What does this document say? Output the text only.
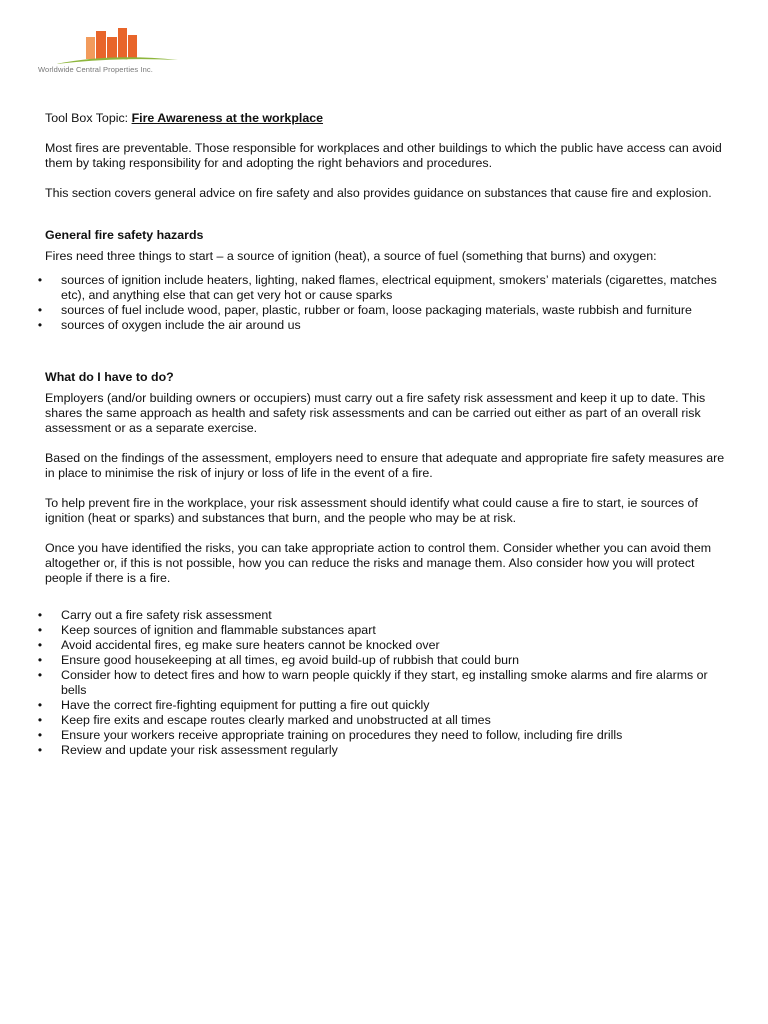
Worldwide Central Properties Inc.

Tool Box Topic: Fire Awareness at the workplace

Most fires are preventable. Those responsible for workplaces and other buildings to which the public have access can avoid them by taking responsibility for and adopting the right behaviors and procedures.

This section covers general advice on fire safety and also provides guidance on substances that cause fire and explosion.

General fire safety hazards

Fires need three things to start – a source of ignition (heat), a source of fuel (something that burns) and oxygen:

• sources of ignition include heaters, lighting, naked flames, electrical equipment, smokers’ materials (cigarettes, matches etc), and anything else that can get very hot or cause sparks
• sources of fuel include wood, paper, plastic, rubber or foam, loose packaging materials, waste rubbish and furniture
• sources of oxygen include the air around us

What do I have to do?

Employers (and/or building owners or occupiers) must carry out a fire safety risk assessment and keep it up to date. This shares the same approach as health and safety risk assessments and can be carried out either as part of an overall risk assessment or as a separate exercise.

Based on the findings of the assessment, employers need to ensure that adequate and appropriate fire safety measures are in place to minimise the risk of injury or loss of life in the event of a fire.

To help prevent fire in the workplace, your risk assessment should identify what could cause a fire to start, ie sources of ignition (heat or sparks) and substances that burn, and the people who may be at risk.

Once you have identified the risks, you can take appropriate action to control them. Consider whether you can avoid them altogether or, if this is not possible, how you can reduce the risks and manage them. Also consider how you will protect people if there is a fire.

• Carry out a fire safety risk assessment
• Keep sources of ignition and flammable substances apart
• Avoid accidental fires, eg make sure heaters cannot be knocked over
• Ensure good housekeeping at all times, eg avoid build-up of rubbish that could burn
• Consider how to detect fires and how to warn people quickly if they start, eg installing smoke alarms and fire alarms or bells
• Have the correct fire-fighting equipment for putting a fire out quickly
• Keep fire exits and escape routes clearly marked and unobstructed at all times
• Ensure your workers receive appropriate training on procedures they need to follow, including fire drills
• Review and update your risk assessment regularly
